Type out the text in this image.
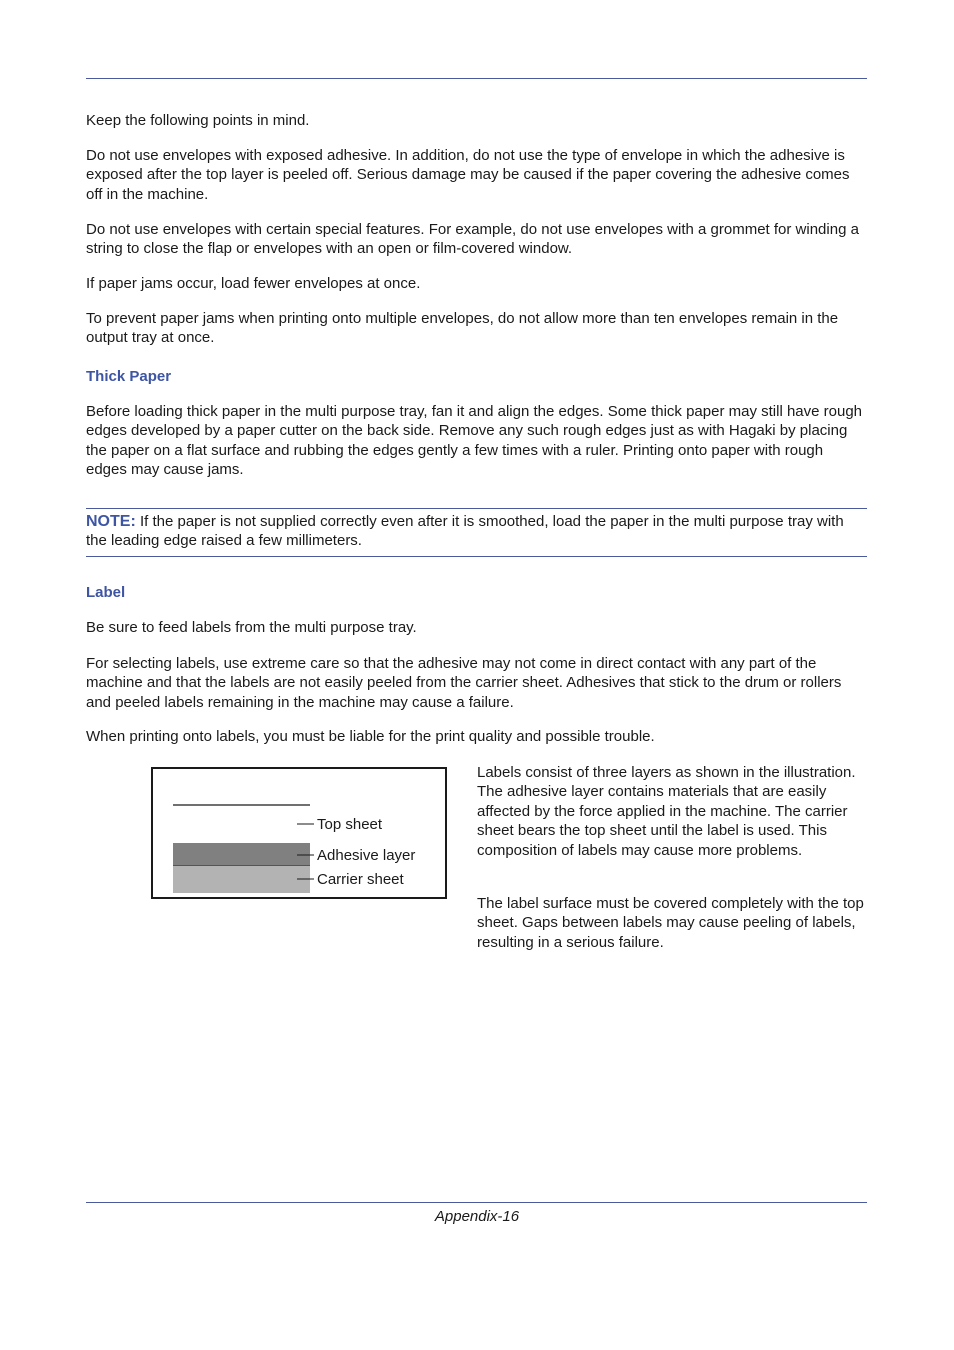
Keep the following points in mind.

Do not use envelopes with exposed adhesive. In addition, do not use the type of envelope in which the adhesive is exposed after the top layer is peeled off. Serious damage may be caused if the paper covering the adhesive comes off in the machine.

Do not use envelopes with certain special features. For example, do not use envelopes with a grommet for winding a string to close the flap or envelopes with an open or film-covered window.

If paper jams occur, load fewer envelopes at once.

To prevent paper jams when printing onto multiple envelopes, do not allow more than ten envelopes remain in the output tray at once.

Thick Paper

Before loading thick paper in the multi purpose tray, fan it and align the edges. Some thick paper may still have rough edges developed by a paper cutter on the back side. Remove any such rough edges just as with Hagaki by placing the paper on a flat surface and rubbing the edges gently a few times with a ruler. Printing onto paper with rough edges may cause jams.

NOTE: If the paper is not supplied correctly even after it is smoothed, load the paper in the multi purpose tray with the leading edge raised a few millimeters.

Label

Be sure to feed labels from the multi purpose tray.

For selecting labels, use extreme care so that the adhesive may not come in direct contact with any part of the machine and that the labels are not easily peeled from the carrier sheet. Adhesives that stick to the drum or rollers and peeled labels remaining in the machine may cause a failure.

When printing onto labels, you must be liable for the print quality and possible trouble.

Top sheet
Adhesive layer
Carrier sheet

Labels consist of three layers as shown in the illustration. The adhesive layer contains materials that are easily affected by the force applied in the machine. The carrier sheet bears the top sheet until the label is used. This composition of labels may cause more problems.

The label surface must be covered completely with the top sheet. Gaps between labels may cause peeling of labels, resulting in a serious failure.

Appendix-16
